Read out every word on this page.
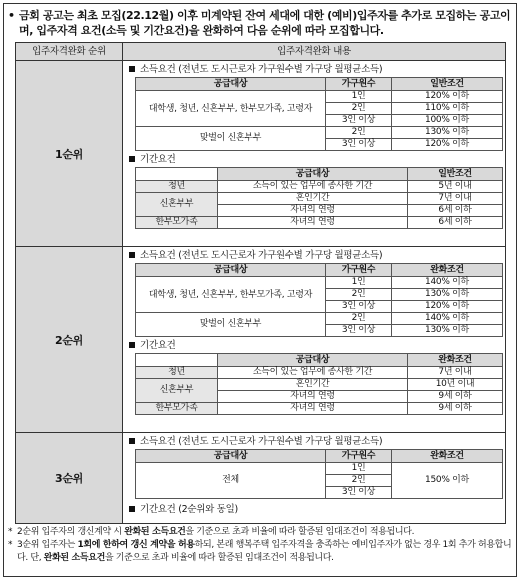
• 금회 공고는 최초 모집(22.12월) 이후 미계약된 잔여 세대에 대한 (예비)입주자를 추가로 모집하는 공고이며, 입주자격 요건(소득 및 기간요건)을 완화하여 다음 순위에 따라 모집합니다.
입주자격완화 순위	입주자격완화 내용
1순위	
소득요건 (전년도 도시근로자 가구원수별 가구당 월평균소득)
공급대상	가구원수	일반조건
대학생, 청년, 신혼부부, 한부모가족, 고령자	1인	120% 이하
2인	110% 이하
3인 이상	100% 이하
맞벌이 신혼부부	2인	130% 이하
3인 이상	120% 이하
기간요건
	공급대상	일반조건
청년	소득이 있는 업무에 종사한 기간	5년 이내
신혼부부	혼인기간	7년 이내
자녀의 연령	6세 이하
한부모가족	자녀의 연령	6세 이하

2순위	
소득요건 (전년도 도시근로자 가구원수별 가구당 월평균소득)
공급대상	가구원수	완화조건
대학생, 청년, 신혼부부, 한부모가족, 고령자	1인	140% 이하
2인	130% 이하
3인 이상	120% 이하
맞벌이 신혼부부	2인	140% 이하
3인 이상	130% 이하
기간요건
	공급대상	완화조건
청년	소득이 있는 업무에 종사한 기간	7년 이내
신혼부부	혼인기간	10년 이내
자녀의 연령	9세 이하
한부모가족	자녀의 연령	9세 이하

3순위	
소득요건 (전년도 도시근로자 가구원수별 가구당 월평균소득)
공급대상	가구원수	완화조건
전체	1인	150% 이하
2인
3인 이상
기간요건 (2순위와 동일)
* 2순위 입주자의 갱신계약 시 완화된 소득요건을 기준으로 초과 비율에 따라 할증된 임대조건이 적용됩니다.
* 3순위 입주자는 1회에 한하여 갱신 계약을 허용하되, 본래 행복주택 입주자격을 충족하는 예비입주자가 없는 경우 1회 추가 허용합니다. 단, 완화된 소득요건을 기준으로 초과 비율에 따라 할증된 임대조건이 적용됩니다.
